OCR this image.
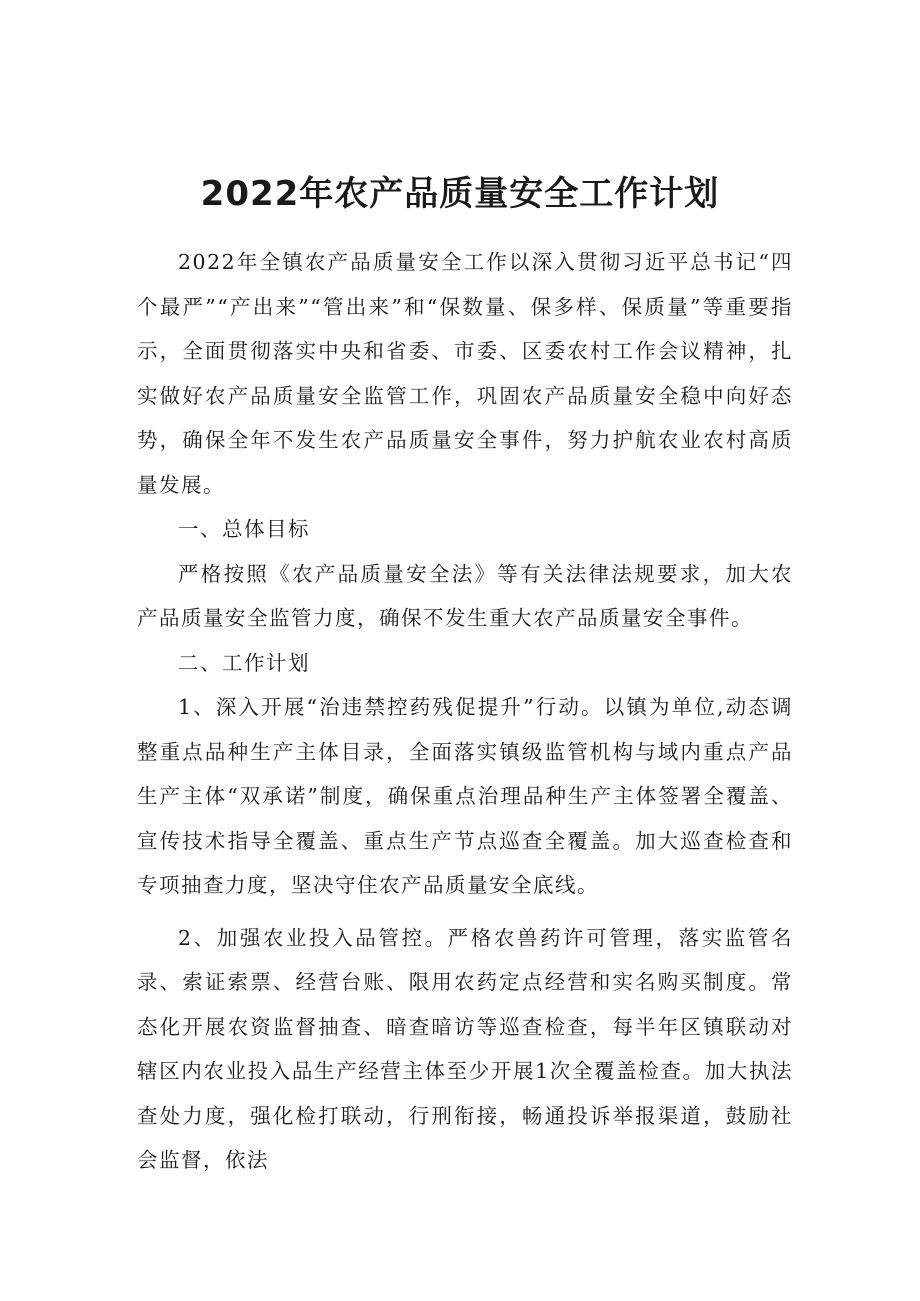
2022年农产品质量安全工作计划

2022年全镇农产品质量安全工作以深入贯彻习近平总书记“四个最严”“产出来”“管出来”和“保数量、保多样、保质量”等重要指示，全面贯彻落实中央和省委、市委、区委农村工作会议精神，扎实做好农产品质量安全监管工作，巩固农产品质量安全稳中向好态势，确保全年不发生农产品质量安全事件，努力护航农业农村高质量发展。

一、总体目标

严格按照《农产品质量安全法》等有关法律法规要求，加大农产品质量安全监管力度，确保不发生重大农产品质量安全事件。

二、工作计划

1、深入开展“治违禁控药残促提升”行动。以镇为单位,动态调整重点品种生产主体目录，全面落实镇级监管机构与域内重点产品生产主体“双承诺”制度，确保重点治理品种生产主体签署全覆盖、宣传技术指导全覆盖、重点生产节点巡查全覆盖。加大巡查检查和专项抽查力度，坚决守住农产品质量安全底线。

2、加强农业投入品管控。严格农兽药许可管理，落实监管名录、索证索票、经营台账、限用农药定点经营和实名购买制度。常态化开展农资监督抽查、暗查暗访等巡查检查，每半年区镇联动对辖区内农业投入品生产经营主体至少开展1次全覆盖检查。加大执法查处力度，强化检打联动，行刑衔接，畅通投诉举报渠道，鼓励社会监督，依法
